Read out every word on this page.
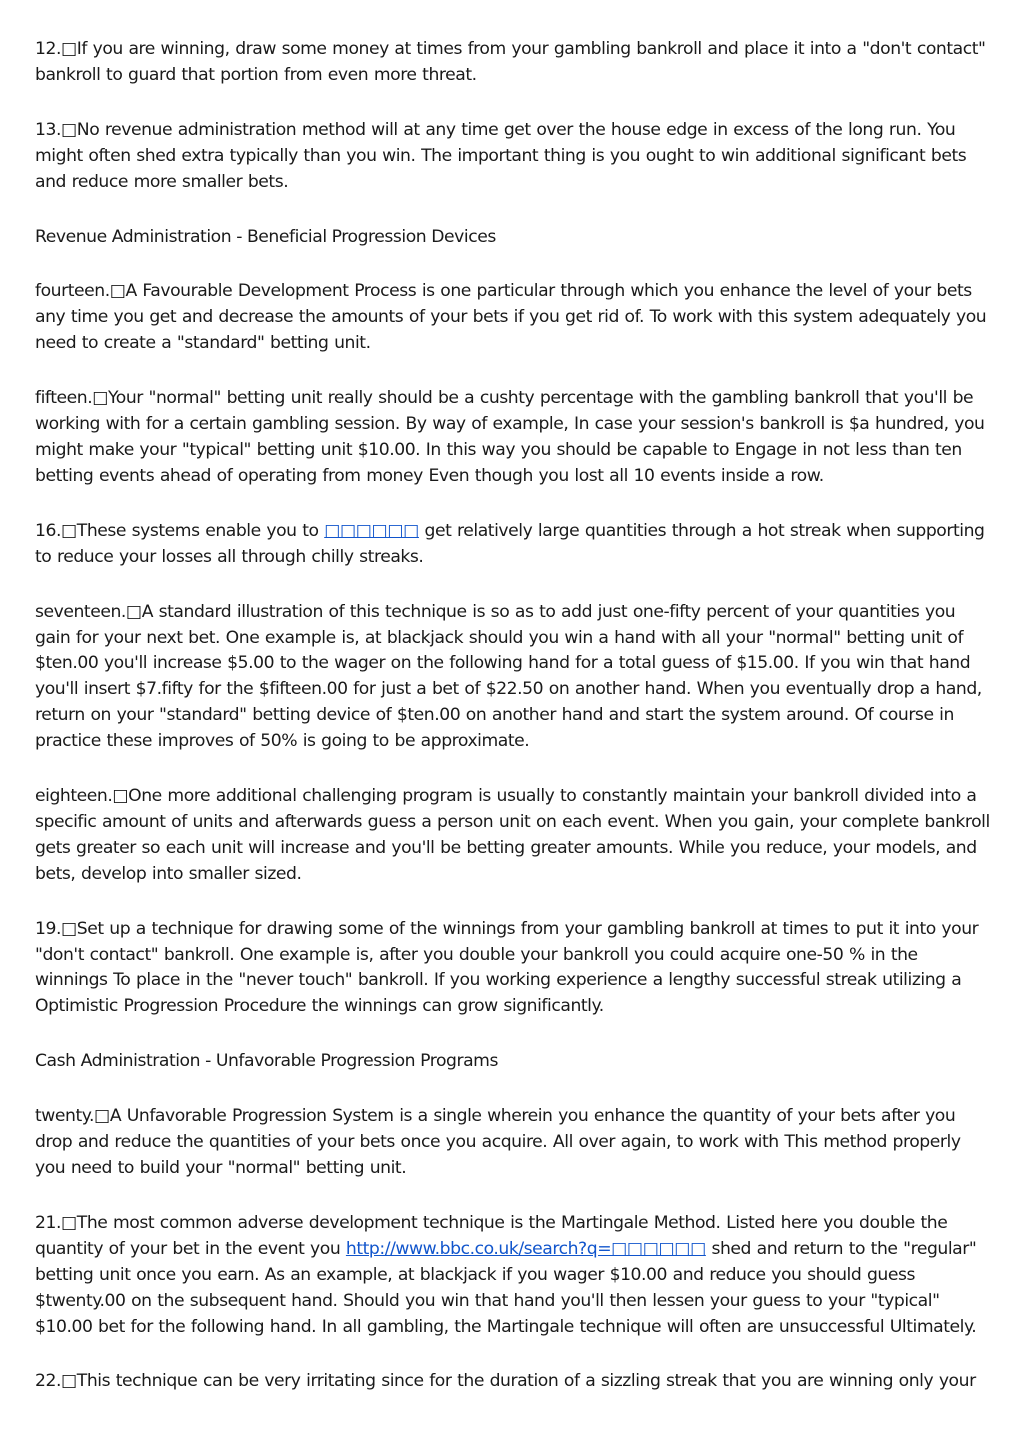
12.□If you are winning, draw some money at times from your gambling bankroll and place it into a "don't contact" bankroll to guard that portion from even more threat.

13.□No revenue administration method will at any time get over the house edge in excess of the long run. You might often shed extra typically than you win. The important thing is you ought to win additional significant bets and reduce more smaller bets.

Revenue Administration - Beneficial Progression Devices

fourteen.□A Favourable Development Process is one particular through which you enhance the level of your bets any time you get and decrease the amounts of your bets if you get rid of. To work with this system adequately you need to create a "standard" betting unit.

fifteen.□Your "normal" betting unit really should be a cushty percentage with the gambling bankroll that you'll be working with for a certain gambling session. By way of example, In case your session's bankroll is $a hundred, you might make your "typical" betting unit $10.00. In this way you should be capable to Engage in not less than ten betting events ahead of operating from money Even though you lost all 10 events inside a row.

16.□These systems enable you to □□□□□□ get relatively large quantities through a hot streak when supporting to reduce your losses all through chilly streaks.

seventeen.□A standard illustration of this technique is so as to add just one-fifty percent of your quantities you gain for your next bet. One example is, at blackjack should you win a hand with all your "normal" betting unit of $ten.00 you'll increase $5.00 to the wager on the following hand for a total guess of $15.00. If you win that hand you'll insert $7.fifty for the $fifteen.00 for just a bet of $22.50 on another hand. When you eventually drop a hand, return on your "standard" betting device of $ten.00 on another hand and start the system around. Of course in practice these improves of 50% is going to be approximate.

eighteen.□One more additional challenging program is usually to constantly maintain your bankroll divided into a specific amount of units and afterwards guess a person unit on each event. When you gain, your complete bankroll gets greater so each unit will increase and you'll be betting greater amounts. While you reduce, your models, and bets, develop into smaller sized.

19.□Set up a technique for drawing some of the winnings from your gambling bankroll at times to put it into your "don't contact" bankroll. One example is, after you double your bankroll you could acquire one-50 % in the winnings To place in the "never touch" bankroll. If you working experience a lengthy successful streak utilizing a Optimistic Progression Procedure the winnings can grow significantly.

Cash Administration - Unfavorable Progression Programs

twenty.□A Unfavorable Progression System is a single wherein you enhance the quantity of your bets after you drop and reduce the quantities of your bets once you acquire. All over again, to work with This method properly you need to build your "normal" betting unit.

21.□The most common adverse development technique is the Martingale Method. Listed here you double the quantity of your bet in the event you http://www.bbc.co.uk/search?q=□□□□□□ shed and return to the "regular" betting unit once you earn. As an example, at blackjack if you wager $10.00 and reduce you should guess $twenty.00 on the subsequent hand. Should you win that hand you'll then lessen your guess to your "typical" $10.00 bet for the following hand. In all gambling, the Martingale technique will often are unsuccessful Ultimately.

22.□This technique can be very irritating since for the duration of a sizzling streak that you are winning only your
